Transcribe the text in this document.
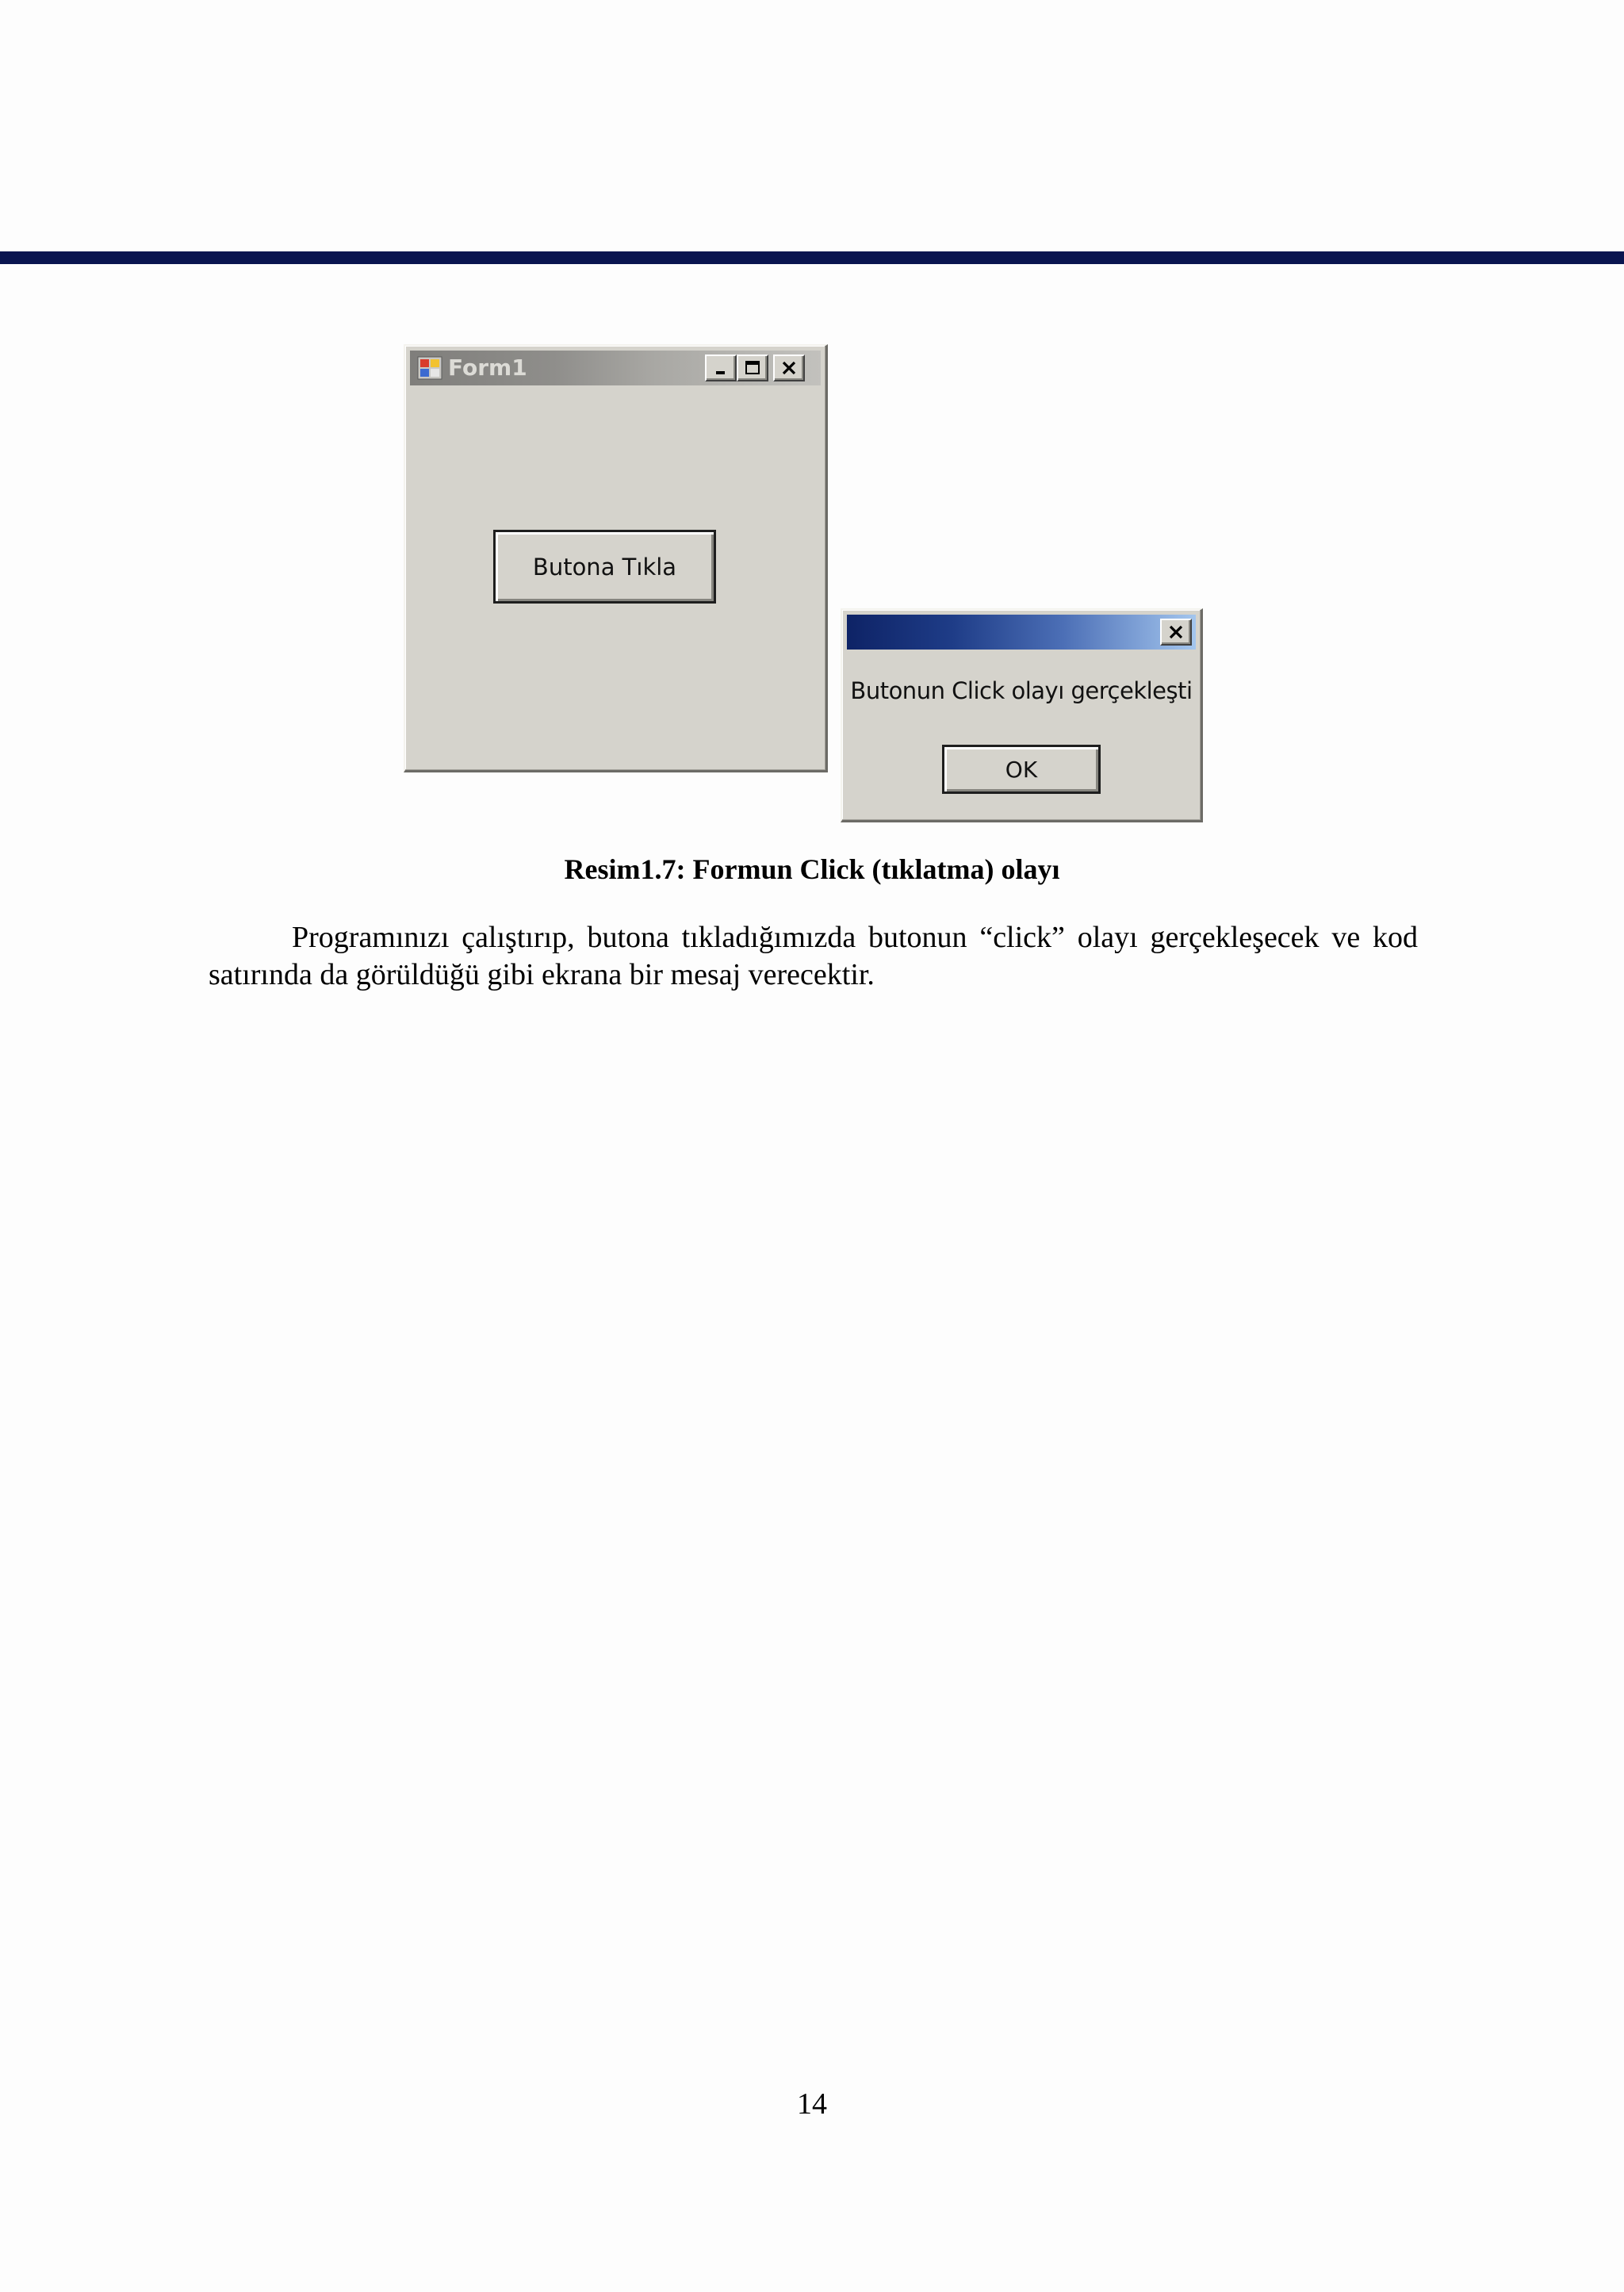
Form1
Butona Tıkla
Butonun Click olayı gerçekleşti
OK
Resim1.7: Formun Click (tıklatma) olayı

Programınızı çalıştırıp, butona tıkladığımızda butonun “click” olayı gerçekleşecek ve kod satırında da görüldüğü gibi ekrana bir mesaj verecektir.

14
